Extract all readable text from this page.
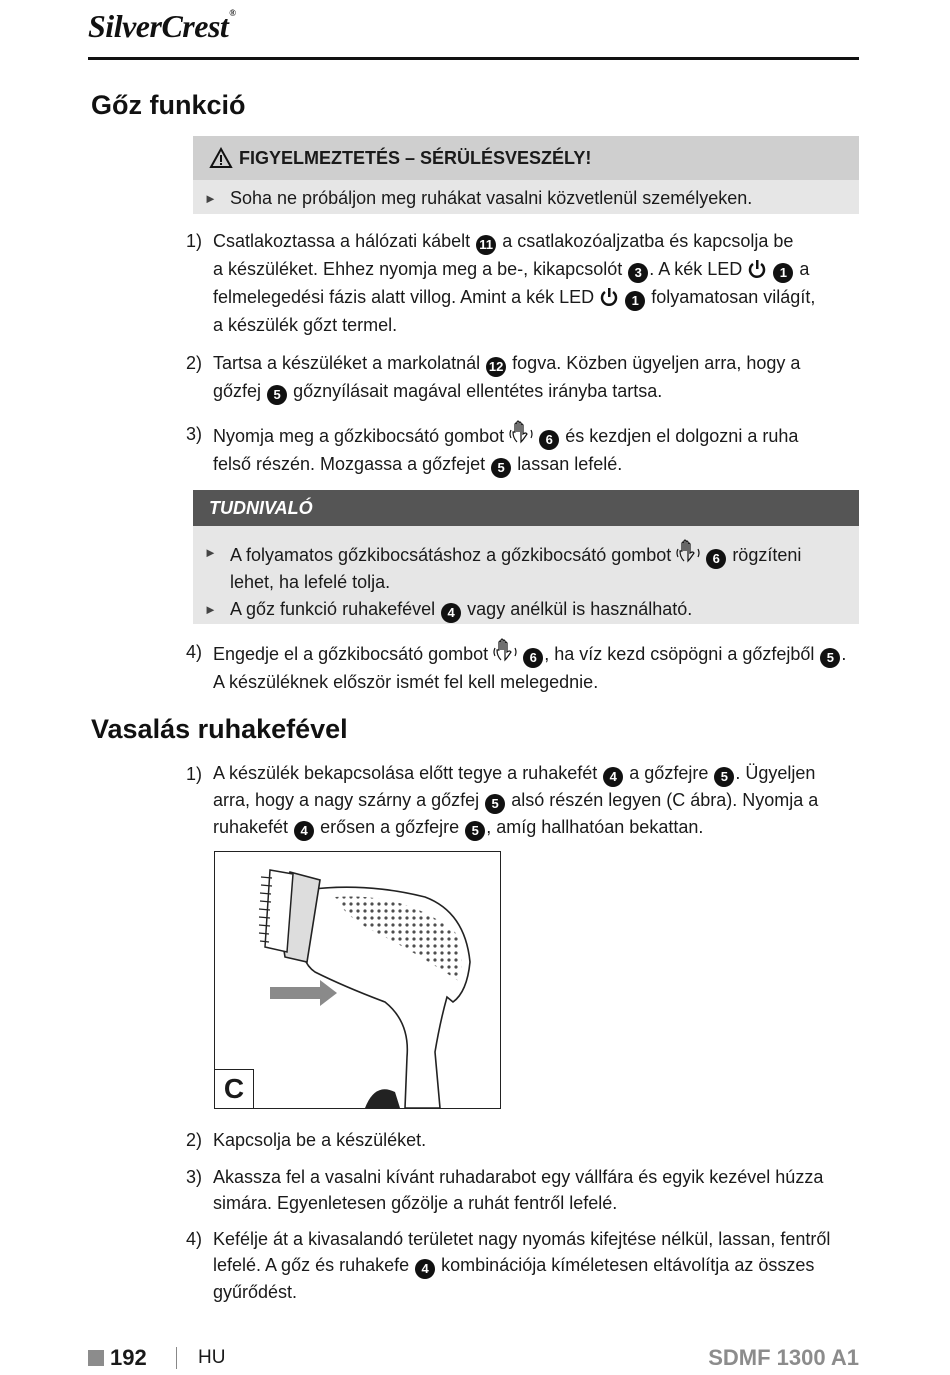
SilverCrest®
Gőz funkció
FIGYELMEZTETÉS – SÉRÜLÉSVESZÉLY!
► Soha ne próbáljon meg ruhákat vasalni közvetlenül személyeken.
1) Csatlakoztassa a hálózati kábelt 11 a csatlakozóaljzatba és kapcsolja be
a készüléket. Ehhez nyomja meg a be-, kikapcsolót 3 . A kék LED	1 a
felmelegedési fázis alatt villog. Amint a kék LED	1 folyamatosan világít,
a készülék gőzt termel.
2) Tartsa a készüléket a markolatnál 12 fogva. Közben ügyeljen arra, hogy a
gőzfej 5 gőznyílásait magával ellentétes irányba tartsa.
3) Nyomja meg a gőzkibocsátó gombot	6 és kezdjen el dolgozni a ruha
felső részén. Mozgassa a gőzfejet 5 lassan lefelé.
TUDNIVALÓ
► A folyamatos gőzkibocsátáshoz a gőzkibocsátó gombot	6 rögzíteni
lehet, ha lefelé tolja.
► A gőz funkció ruhakefével 4 vagy anélkül is használható.
4) Engedje el a gőzkibocsátó gombot	6 , ha víz kezd csöpögni a gőzfejből 5 .
A készüléknek először ismét fel kell melegednie.
Vasalás ruhakefével
1) A készülék bekapcsolása előtt tegye a ruhakefét 4 a gőzfejre 5 . Ügyeljen
arra, hogy a nagy szárny a gőzfej 5 alsó részén legyen (C ábra). Nyomja a
ruhakefét 4 erősen a gőzfejre 5 , amíg hallhatóan bekattan.
C
2) Kapcsolja be a készüléket.
3) Akassza fel a vasalni kívánt ruhadarabot egy vállfára és egyik kezével húzza
simára. Egyenletesen gőzölje a ruhát fentről lefelé.
4) Kefélje át a kivasalandó területet nagy nyomás kifejtése nélkül, lassan, fentről
lefelé. A gőz és ruhakefe 4 kombinációja kíméletesen eltávolítja az összes
gyűrődést.
192	HU	SDMF 1300 A1
